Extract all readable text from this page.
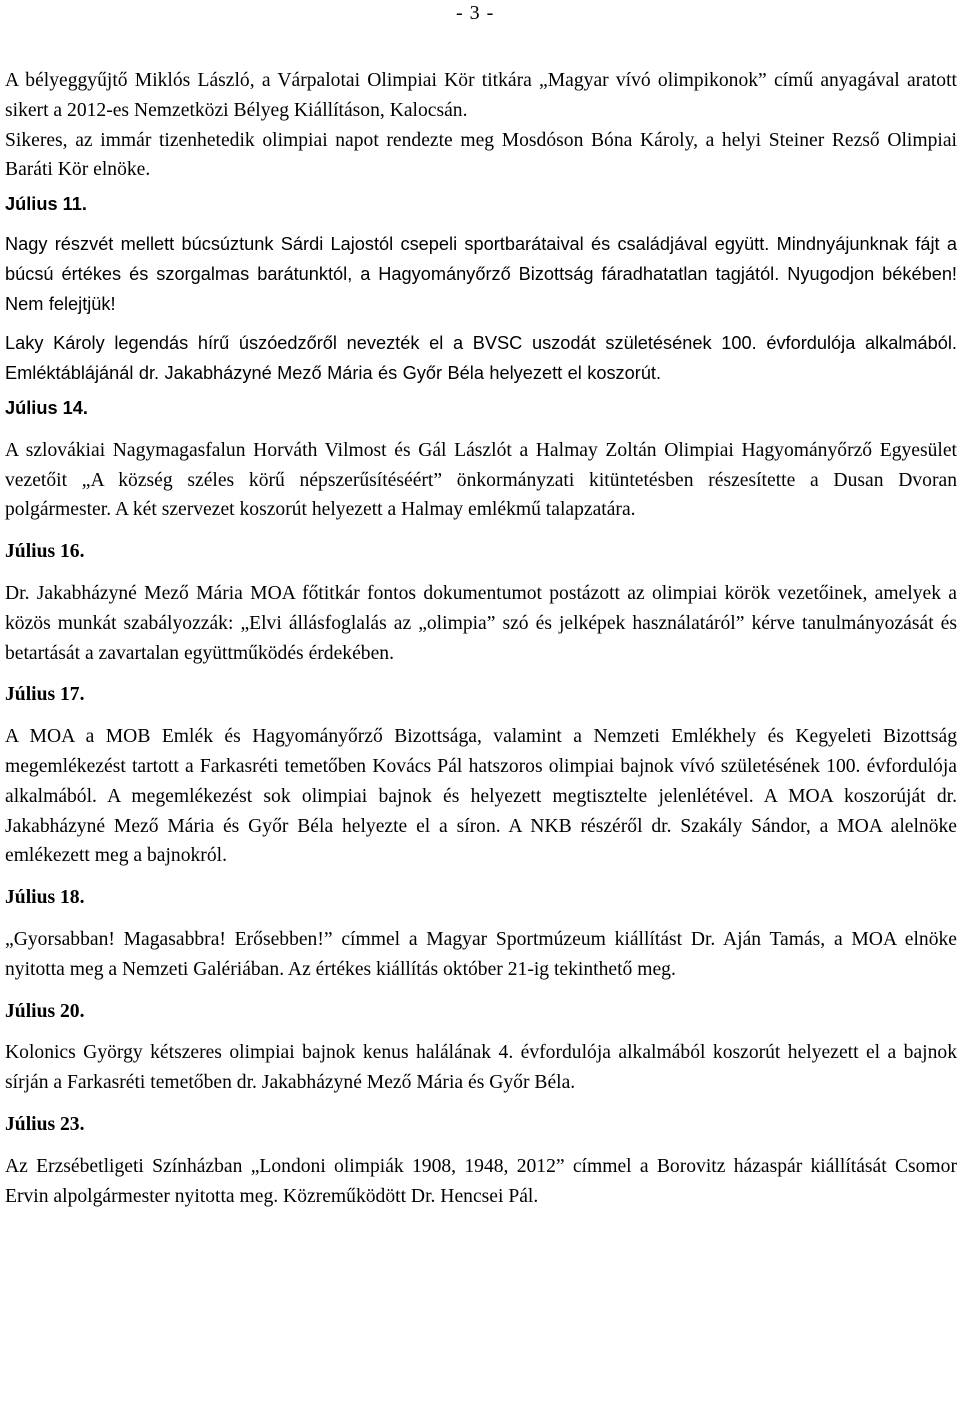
- 3 -

A bélyeggyűjtő Miklós László, a Várpalotai Olimpiai Kör titkára „Magyar vívó olimpikonok” című anyagával aratott sikert a 2012-es Nemzetközi Bélyeg Kiállításon, Kalocsán.

Sikeres, az immár tizenhetedik olimpiai napot rendezte meg Mosdóson Bóna Károly, a helyi Steiner Rezső Olimpiai Baráti Kör elnöke.

Július 11.

Nagy részvét mellett búcsúztunk Sárdi Lajostól csepeli sportbarátaival és családjával együtt. Mindnyájunknak fájt a búcsú értékes és szorgalmas barátunktól, a Hagyományőrző Bizottság fáradhatatlan tagjától. Nyugodjon békében! Nem felejtjük!

Laky Károly legendás hírű úszóedzőről nevezték el a BVSC uszodát születésének 100. évfordulója alkalmából. Emléktáblájánál dr. Jakabházyné Mező Mária és Győr Béla helyezett el koszorút.

Július 14.

A szlovákiai Nagymagasfalun Horváth Vilmost és Gál Lászlót a Halmay Zoltán Olimpiai Hagyományőrző Egyesület vezetőit „A község széles körű népszerűsítéséért” önkormányzati kitüntetésben részesítette a Dusan Dvoran polgármester. A két szervezet koszorút helyezett a Halmay emlékmű talapzatára.

Július 16.

Dr. Jakabházyné Mező Mária MOA főtitkár fontos dokumentumot postázott az olimpiai körök vezetőinek, amelyek a közös munkát szabályozzák: „Elvi állásfoglalás az „olimpia” szó és jelképek használatáról” kérve tanulmányozását és betartását a zavartalan együttműködés érdekében.

Július 17.

A MOA a MOB Emlék és Hagyományőrző Bizottsága, valamint a Nemzeti Emlékhely és Kegyeleti Bizottság megemlékezést tartott a Farkasréti temetőben Kovács Pál hatszoros olimpiai bajnok vívó születésének 100. évfordulója alkalmából. A megemlékezést sok olimpiai bajnok és helyezett megtisztelte jelenlétével. A MOA koszorúját dr. Jakabházyné Mező Mária és Győr Béla helyezte el a síron. A NKB részéről dr. Szakály Sándor, a MOA alelnöke emlékezett meg a bajnokról.

Július 18.

„Gyorsabban! Magasabbra! Erősebben!” címmel a Magyar Sportmúzeum kiállítást Dr. Aján Tamás, a MOA elnöke nyitotta meg a Nemzeti Galériában. Az értékes kiállítás október 21-ig tekinthető meg.

Július 20.

Kolonics György kétszeres olimpiai bajnok kenus halálának 4. évfordulója alkalmából koszorút helyezett el a bajnok sírján a Farkasréti temetőben dr. Jakabházyné Mező Mária és Győr Béla.

Július 23.

Az Erzsébetligeti Színházban „Londoni olimpiák 1908, 1948, 2012” címmel a Borovitz házaspár kiállítását Csomor Ervin alpolgármester nyitotta meg. Közreműködött Dr. Hencsei Pál.
